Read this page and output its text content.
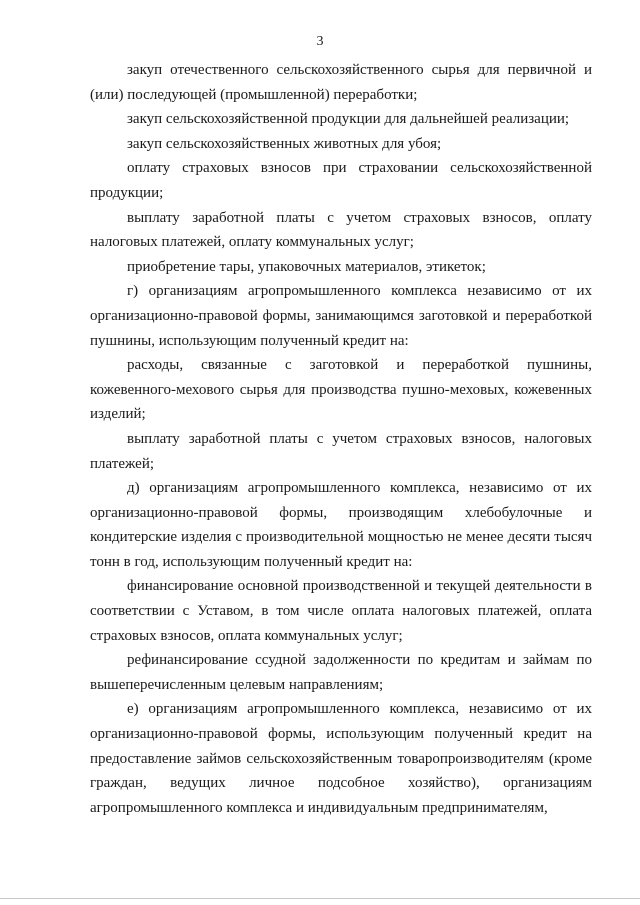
3

закуп отечественного сельскохозяйственного сырья для первичной и (или) последующей (промышленной) переработки;

закуп сельскохозяйственной продукции для дальнейшей реализации;

закуп сельскохозяйственных животных для убоя;

оплату страховых взносов при страховании сельскохозяйственной продукции;

выплату заработной платы с учетом страховых взносов, оплату налоговых платежей, оплату коммунальных услуг;

приобретение тары, упаковочных материалов, этикеток;

г) организациям агропромышленного комплекса независимо от их организационно-правовой формы, занимающимся заготовкой и переработкой пушнины, использующим полученный кредит на:

расходы, связанные с заготовкой и переработкой пушнины, кожевенного-мехового сырья для производства пушно-меховых, кожевенных изделий;

выплату заработной платы с учетом страховых взносов, налоговых платежей;

д) организациям агропромышленного комплекса, независимо от их организационно-правовой формы, производящим хлебобулочные и кондитерские изделия с производительной мощностью не менее десяти тысяч тонн в год, использующим полученный кредит на:

финансирование основной производственной и текущей деятельности в соответствии с Уставом, в том числе оплата налоговых платежей, оплата страховых взносов, оплата коммунальных услуг;

рефинансирование ссудной задолженности по кредитам и займам по вышеперечисленным целевым направлениям;

е) организациям агропромышленного комплекса, независимо от их организационно-правовой формы, использующим полученный кредит на предоставление займов сельскохозяйственным товаропроизводителям (кроме граждан, ведущих личное подсобное хозяйство), организациям агропромышленного комплекса и индивидуальным предпринимателям,
